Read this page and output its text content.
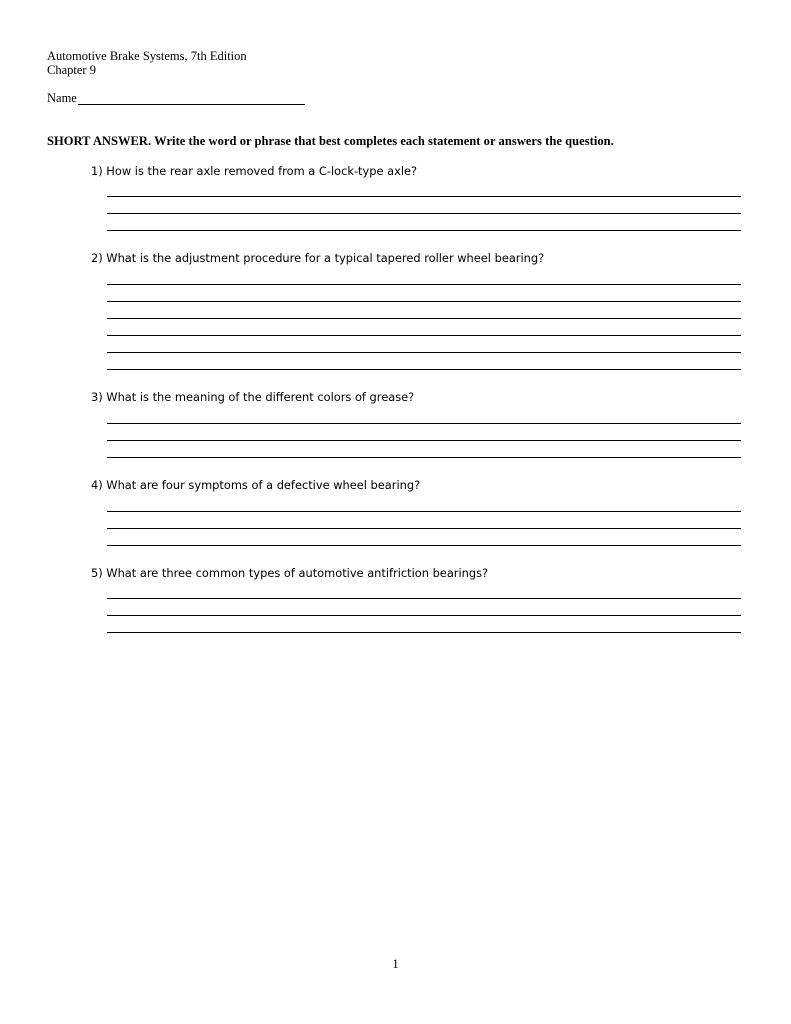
Automotive Brake Systems, 7th Edition
Chapter 9
Name
SHORT ANSWER. Write the word or phrase that best completes each statement or answers the question.
1) How is the rear axle removed from a C-lock-type axle?
2) What is the adjustment procedure for a typical tapered roller wheel bearing?
3) What is the meaning of the different colors of grease?
4) What are four symptoms of a defective wheel bearing?
5) What are three common types of automotive antifriction bearings?
1
